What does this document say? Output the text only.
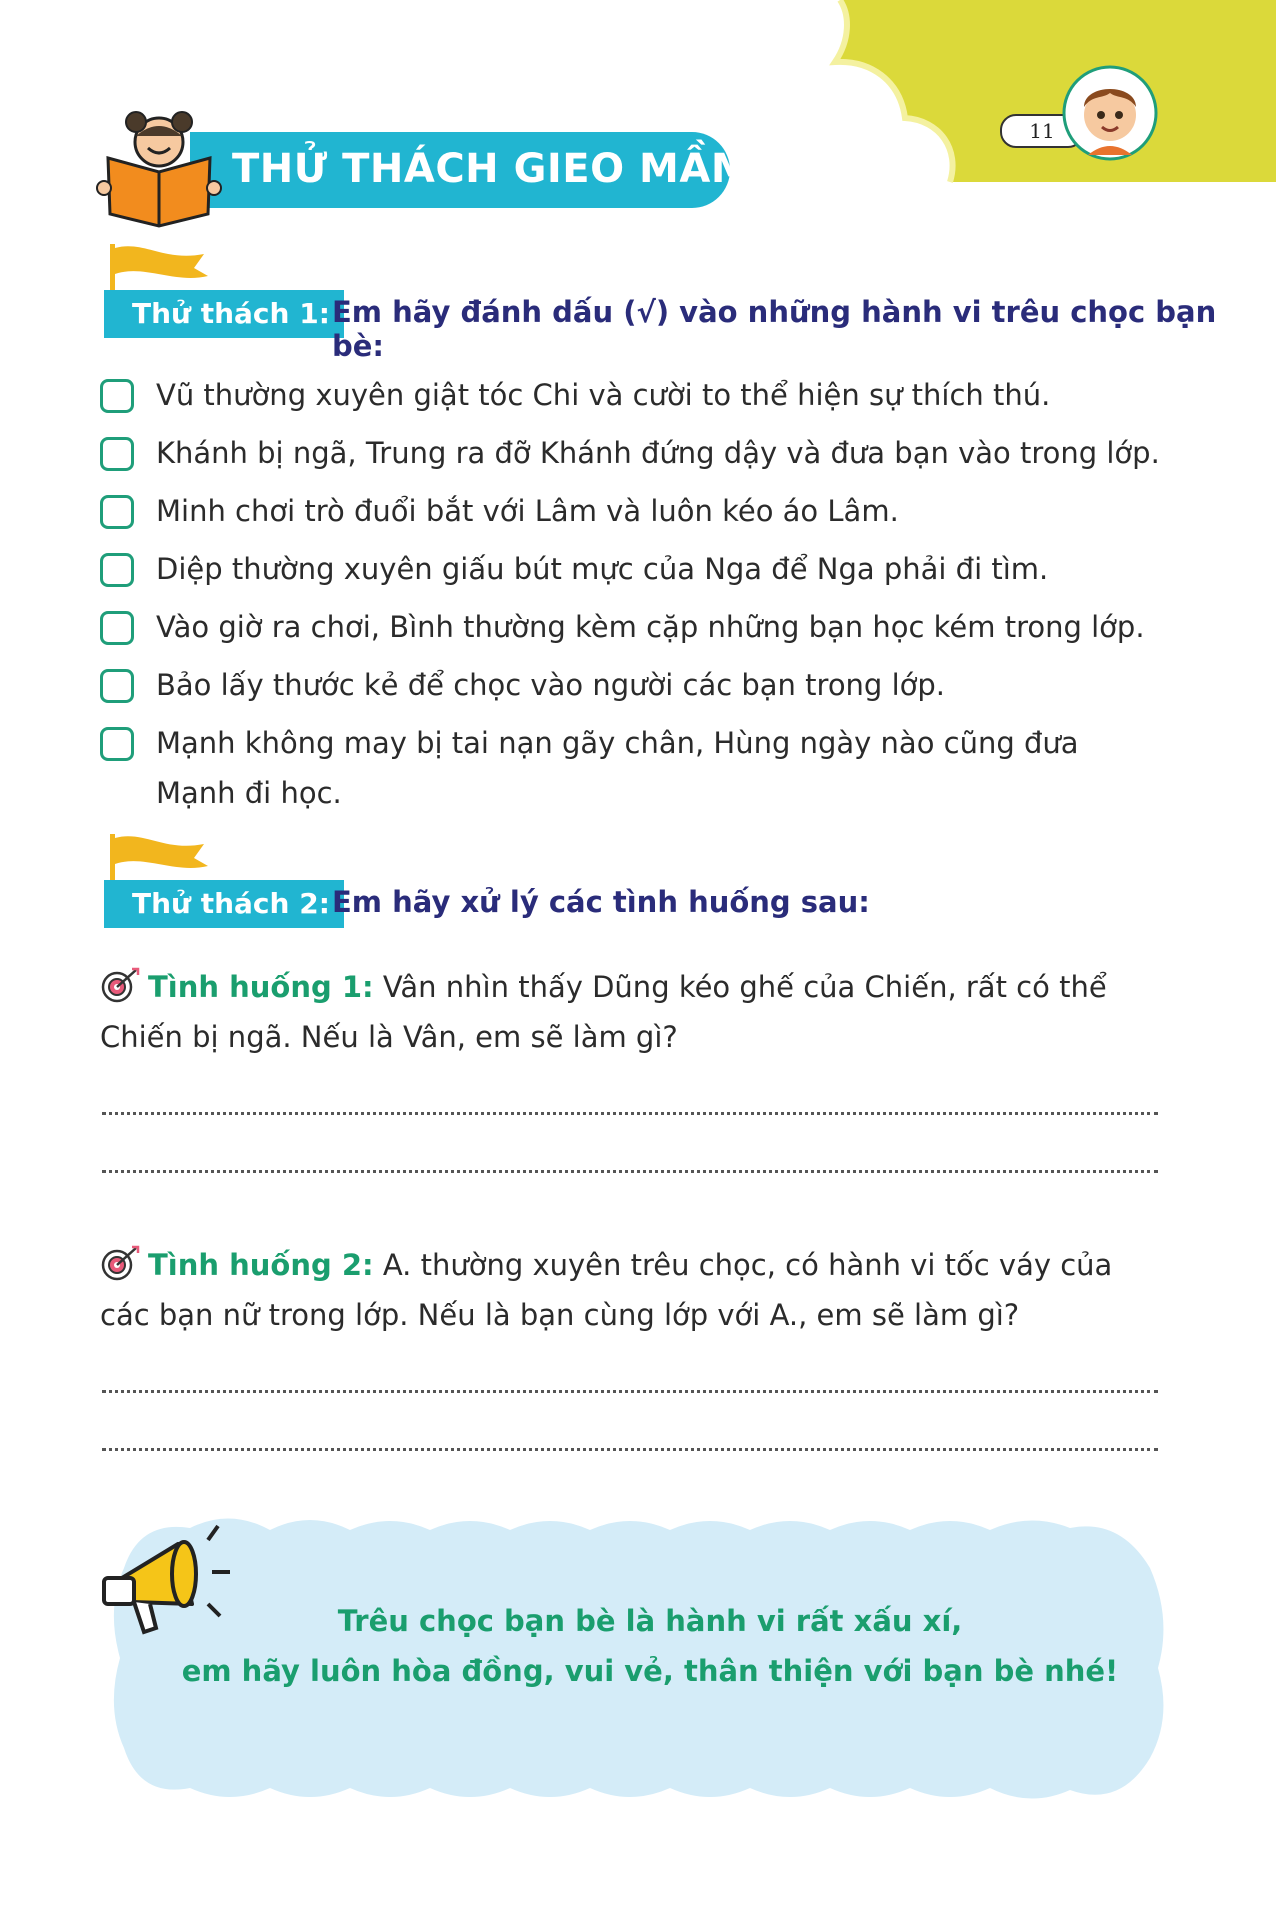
11
THỬ THÁCH GIEO MẦM
Thử thách 1: Em hãy đánh dấu (√) vào những hành vi trêu chọc bạn bè:
Vũ thường xuyên giật tóc Chi và cười to thể hiện sự thích thú.
Khánh bị ngã, Trung ra đỡ Khánh đứng dậy và đưa bạn vào trong lớp.
Minh chơi trò đuổi bắt với Lâm và luôn kéo áo Lâm.
Diệp thường xuyên giấu bút mực của Nga để Nga phải đi tìm.
Vào giờ ra chơi, Bình thường kèm cặp những bạn học kém trong lớp.
Bảo lấy thước kẻ để chọc vào người các bạn trong lớp.
Mạnh không may bị tai nạn gãy chân, Hùng ngày nào cũng đưa Mạnh đi học.
Thử thách 2: Em hãy xử lý các tình huống sau:
Tình huống 1: Vân nhìn thấy Dũng kéo ghế của Chiến, rất có thể Chiến bị ngã. Nếu là Vân, em sẽ làm gì?
Tình huống 2: A. thường xuyên trêu chọc, có hành vi tốc váy của các bạn nữ trong lớp. Nếu là bạn cùng lớp với A., em sẽ làm gì?
Trêu chọc bạn bè là hành vi rất xấu xí,
em hãy luôn hòa đồng, vui vẻ, thân thiện với bạn bè nhé!
